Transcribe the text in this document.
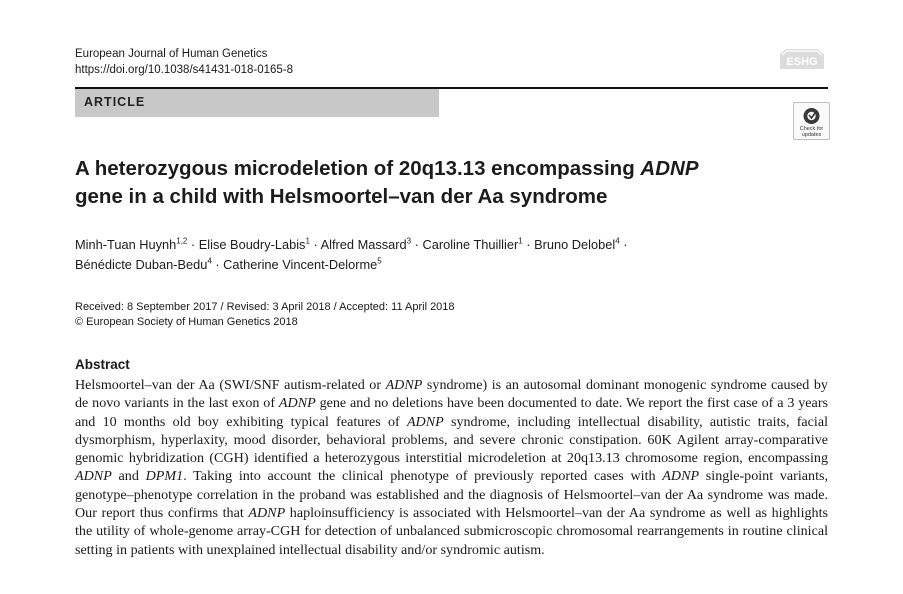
European Journal of Human Genetics
https://doi.org/10.1038/s41431-018-0165-8
ESHG
ARTICLE
Check for updates
A heterozygous microdeletion of 20q13.13 encompassing ADNP
gene in a child with Helsmoortel–van der Aa syndrome
Minh-Tuan Huynh$^{1,2}$ · Elise Boudry-Labis$^1$ · Alfred Massard$^3$ · Caroline Thuillier$^1$ · Bruno Delobel$^4$ ·
Bénédicte Duban-Bedu$^4$ · Catherine Vincent-Delorme$^5$
Received: 8 September 2017 / Revised: 3 April 2018 / Accepted: 11 April 2018
© European Society of Human Genetics 2018
Abstract
Helsmoortel–van der Aa (SWI/SNF autism-related or ADNP syndrome) is an autosomal dominant monogenic syndrome caused by de novo variants in the last exon of ADNP gene and no deletions have been documented to date. We report the first case of a 3 years and 10 months old boy exhibiting typical features of ADNP syndrome, including intellectual disability, autistic traits, facial dysmorphism, hyperlaxity, mood disorder, behavioral problems, and severe chronic constipation. 60K Agilent array-comparative genomic hybridization (CGH) identified a heterozygous interstitial microdeletion at 20q13.13 chromosome region, encompassing ADNP and DPM1. Taking into account the clinical phenotype of previously reported cases with ADNP single-point variants, genotype–phenotype correlation in the proband was established and the diagnosis of Helsmoortel–van der Aa syndrome was made. Our report thus confirms that ADNP haploinsufficiency is associated with Helsmoortel–van der Aa syndrome as well as highlights the utility of whole-genome array-CGH for detection of unbalanced submicroscopic chromosomal rearrangements in routine clinical setting in patients with unexplained intellectual disability and/or syndromic autism.
